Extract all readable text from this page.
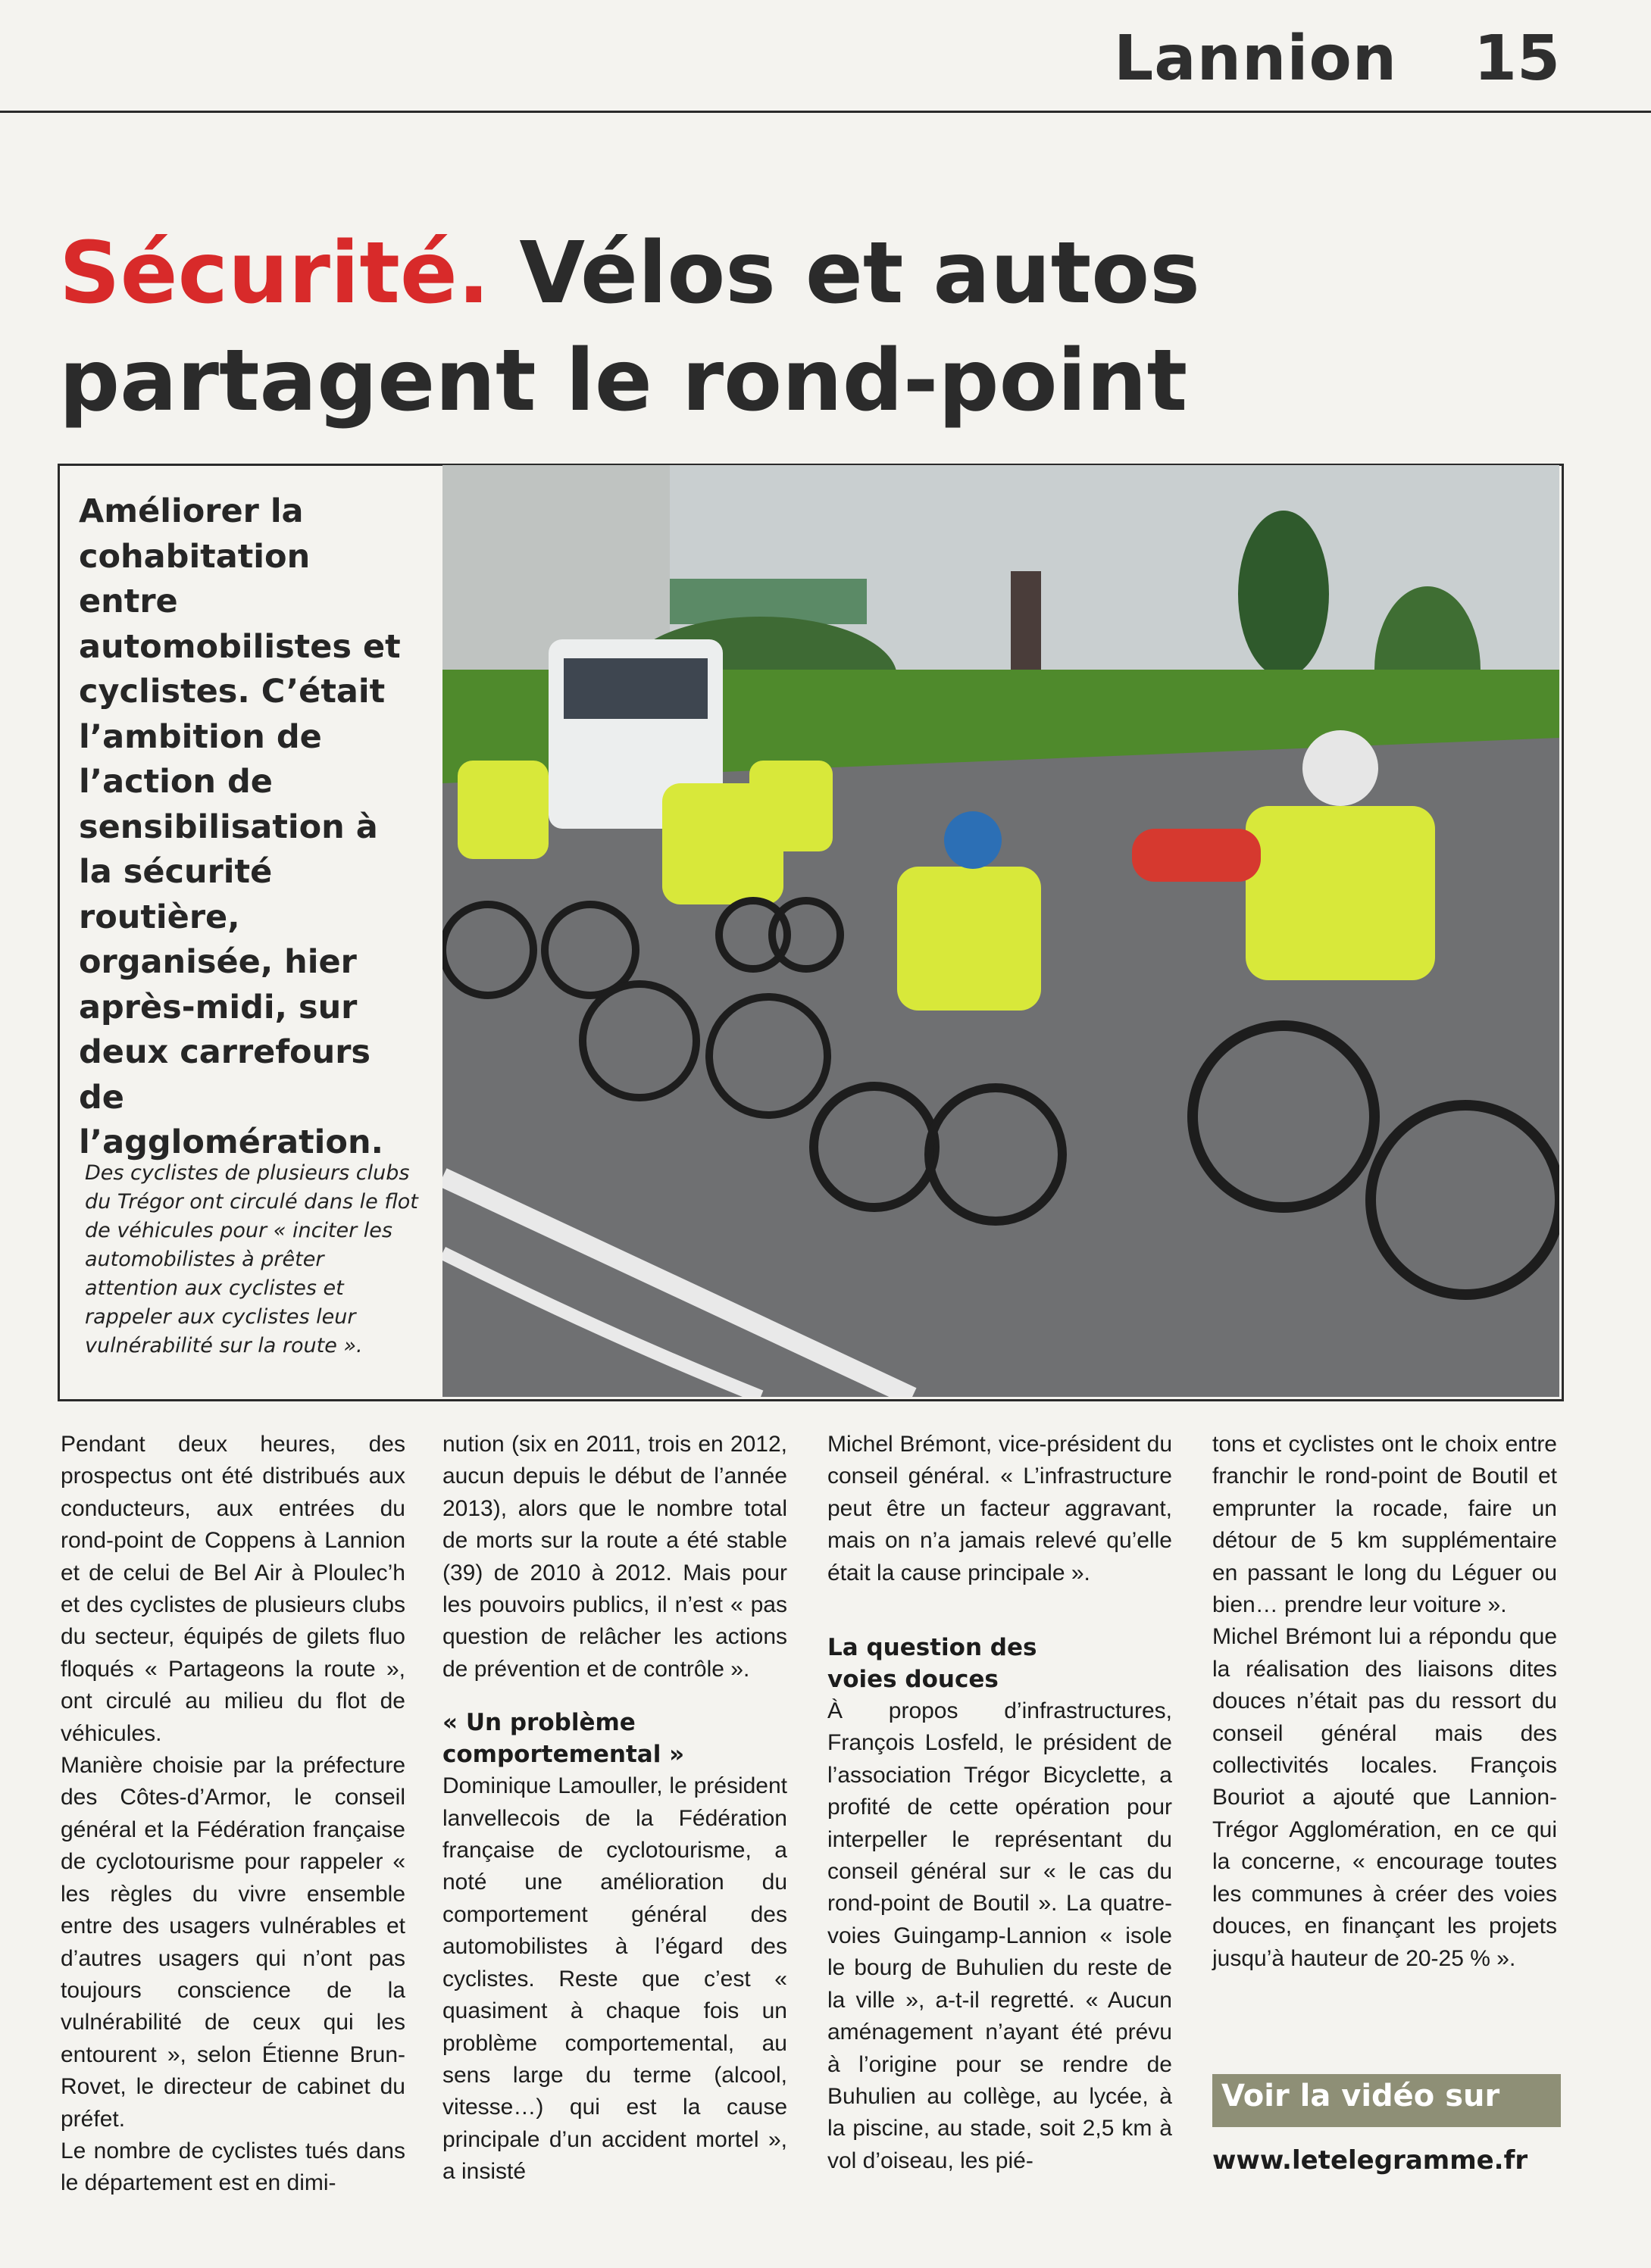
Lannion 15
Sécurité. Vélos et autos partagent le rond-point
Améliorer la cohabitation entre automobilistes et cyclistes. C’était l’ambition de l’action de sensibilisation à la sécurité routière, organisée, hier après-midi, sur deux carrefours de l’agglomération.
Des cyclistes de plusieurs clubs du Trégor ont circulé dans le flot de véhicules pour « inciter les automobilistes à prêter attention aux cyclistes et rappeler aux cyclistes leur vulnérabilité sur la route ».

Pendant deux heures, des prospectus ont été distribués aux conducteurs, aux entrées du rond-point de Coppens à Lannion et de celui de Bel Air à Ploulec’h et des cyclistes de plusieurs clubs du secteur, équipés de gilets fluo floqués « Partageons la route », ont circulé au milieu du flot de véhicules.

Manière choisie par la préfecture des Côtes-d’Armor, le conseil général et la Fédération française de cyclotourisme pour rappeler « les règles du vivre ensemble entre des usagers vulnérables et d’autres usagers qui n’ont pas toujours conscience de la vulnérabilité de ceux qui les entourent », selon Étienne Brun-Rovet, le directeur de cabinet du préfet.

Le nombre de cyclistes tués dans le département est en dimi-

nution (six en 2011, trois en 2012, aucun depuis le début de l’année 2013), alors que le nombre total de morts sur la route a été stable (39) de 2010 à 2012. Mais pour les pouvoirs publics, il n’est « pas question de relâcher les actions de prévention et de contrôle ».

« Un problème comportemental »

Dominique Lamouller, le président lanvellecois de la Fédération française de cyclotourisme, a noté une amélioration du comportement général des automobilistes à l’égard des cyclistes. Reste que c’est « quasiment à chaque fois un problème comportemental, au sens large du terme (alcool, vitesse…) qui est la cause principale d’un accident mortel », a insisté

Michel Brémont, vice-président du conseil général. « L’infrastructure peut être un facteur aggravant, mais on n’a jamais relevé qu’elle était la cause principale ».

La question des voies douces

À propos d’infrastructures, François Losfeld, le président de l’association Trégor Bicyclette, a profité de cette opération pour interpeller le représentant du conseil général sur « le cas du rond-point de Boutil ». La quatre-voies Guingamp-Lannion « isole le bourg de Buhulien du reste de la ville », a-t-il regretté. « Aucun aménagement n’ayant été prévu à l’origine pour se rendre de Buhulien au collège, au lycée, à la piscine, au stade, soit 2,5 km à vol d’oiseau, les pié-

tons et cyclistes ont le choix entre franchir le rond-point de Boutil et emprunter la rocade, faire un détour de 5 km supplémentaire en passant le long du Léguer ou bien… prendre leur voiture ».

Michel Brémont lui a répondu que la réalisation des liaisons dites douces n’était pas du ressort du conseil général mais des collectivités locales. François Bouriot a ajouté que Lannion-Trégor Agglomération, en ce qui la concerne, « encourage toutes les communes à créer des voies douces, en finançant les projets jusqu’à hauteur de 20-25 % ».

Voir la vidéo sur
www.letelegramme.fr
